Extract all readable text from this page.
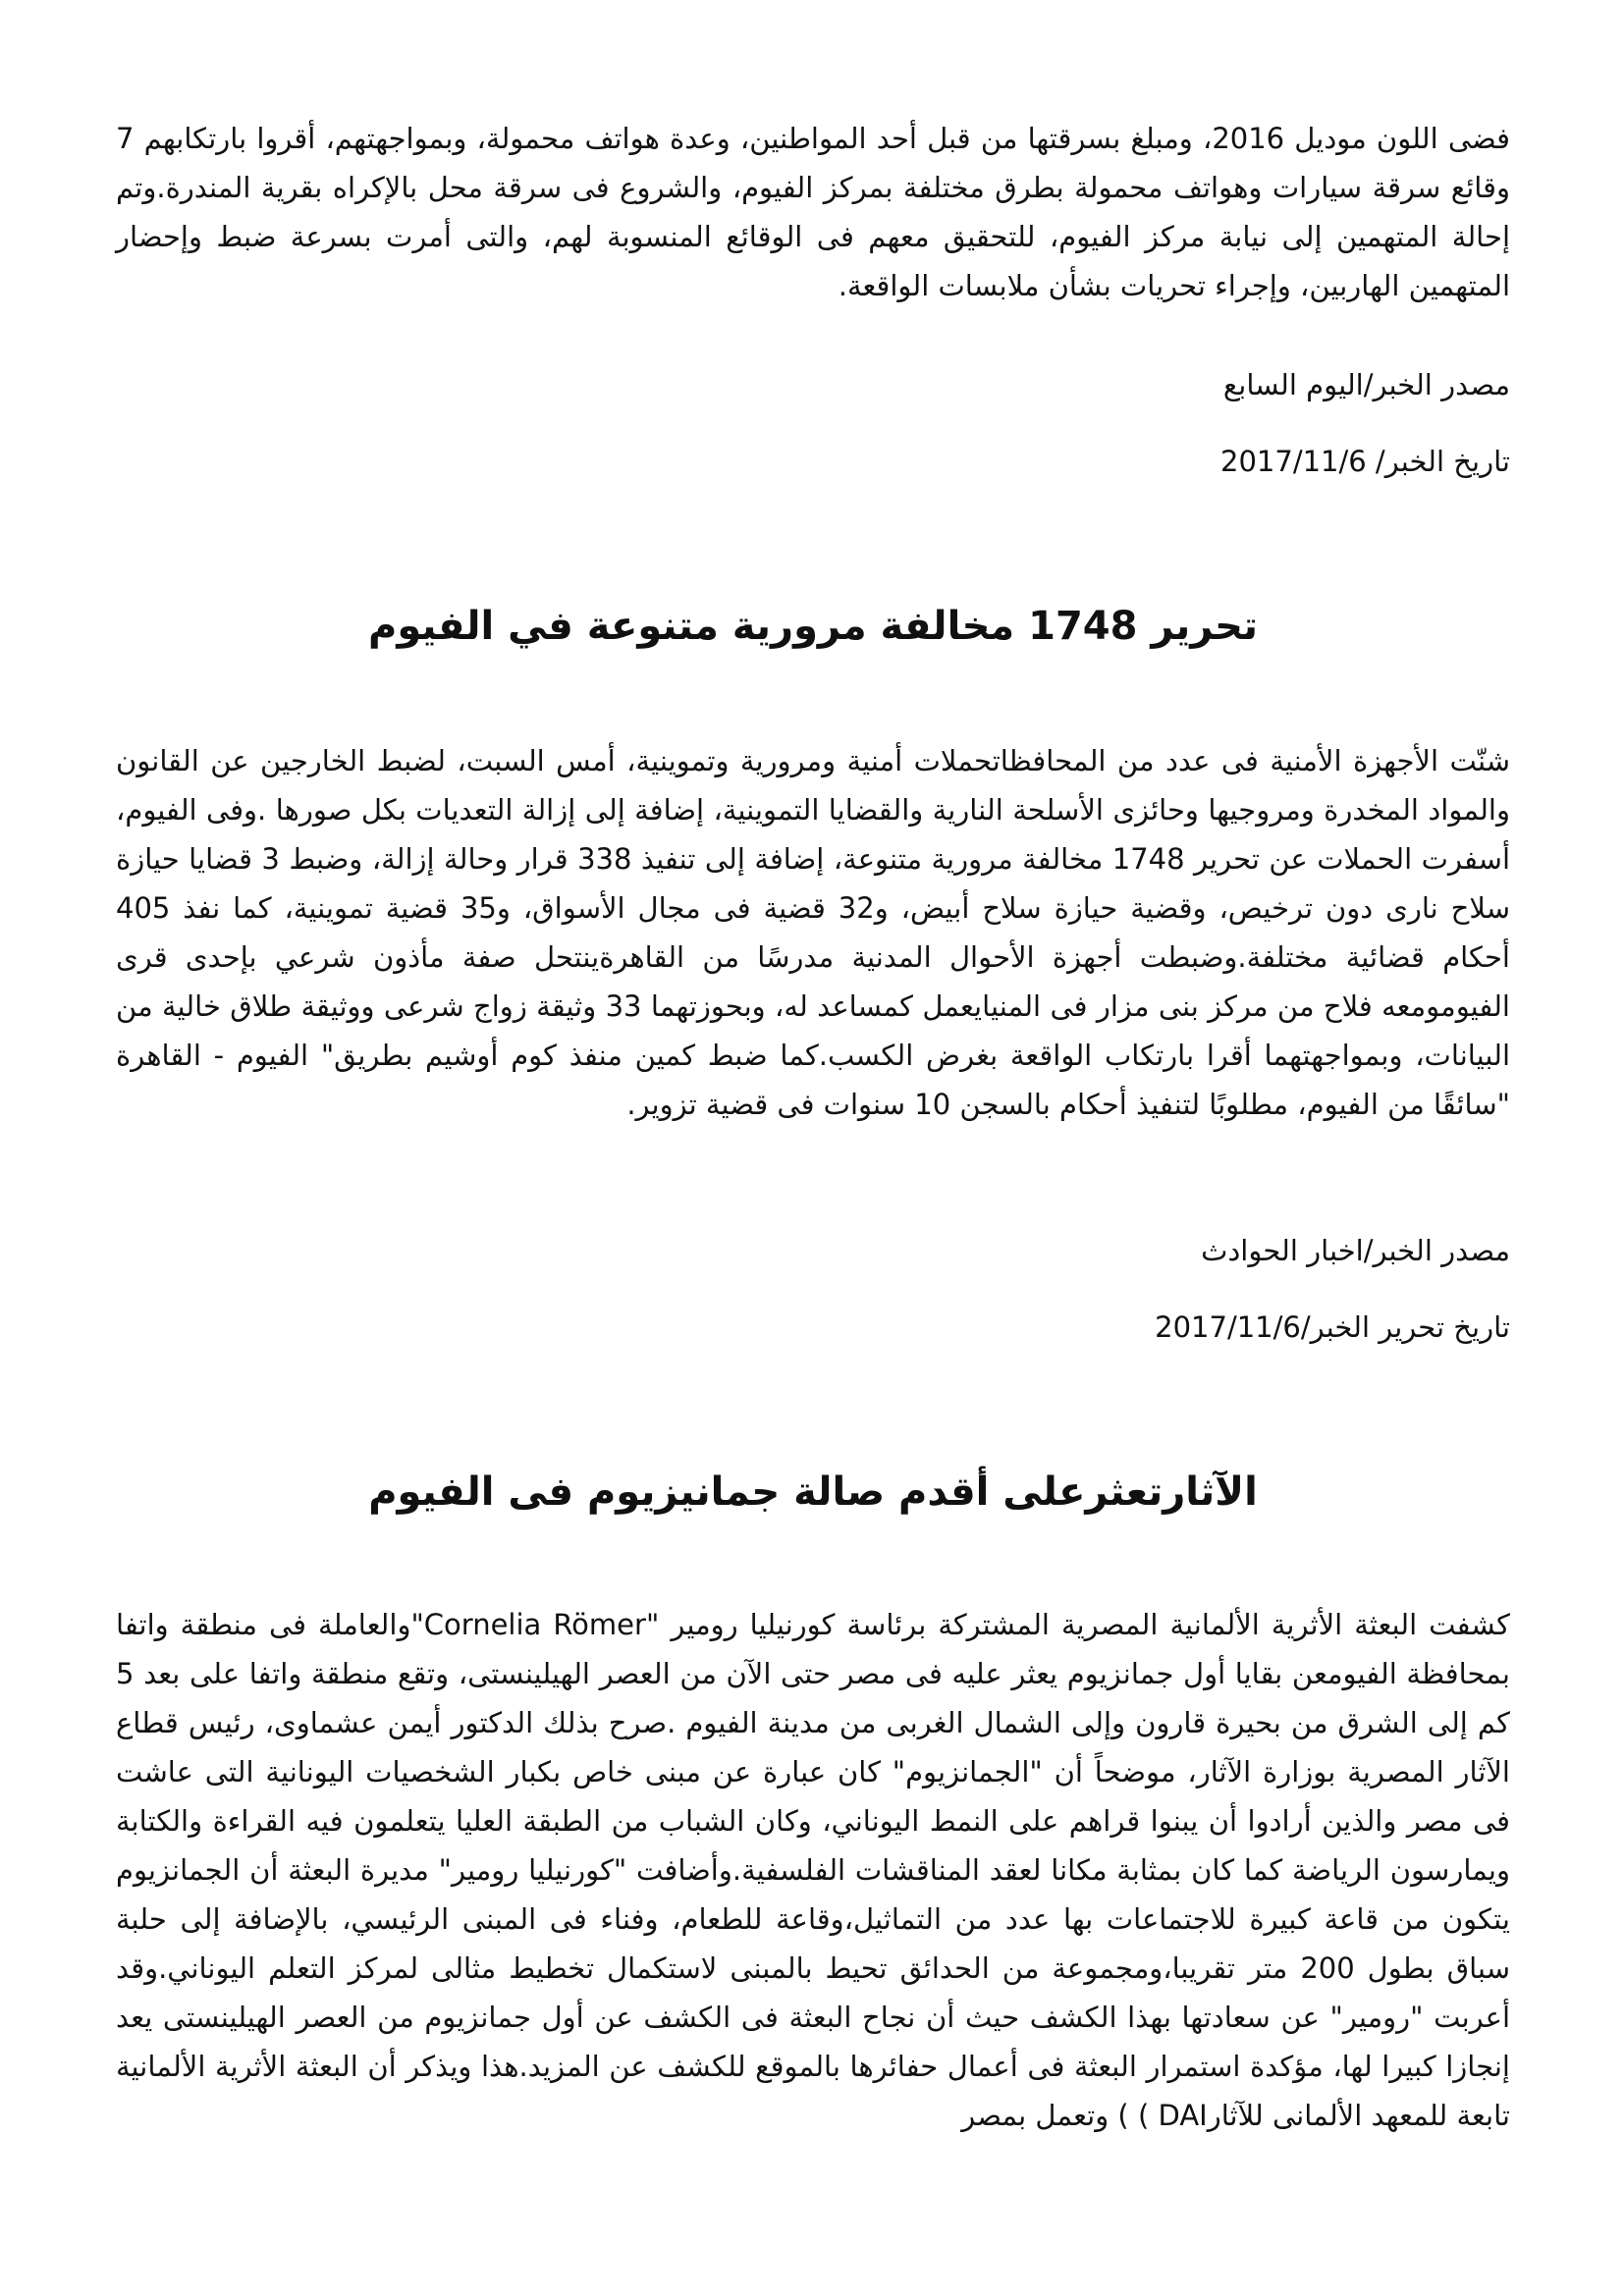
فضى اللون موديل 2016، ومبلغ بسرقتها من قبل أحد المواطنين، وعدة هواتف محمولة، وبمواجهتهم، أقروا بارتكابهم 7 وقائع سرقة سيارات وهواتف محمولة بطرق مختلفة بمركز الفيوم، والشروع فى سرقة محل بالإكراه بقرية المندرة.وتم إحالة المتهمين إلى نيابة مركز الفيوم، للتحقيق معهم فى الوقائع المنسوبة لهم، والتى أمرت بسرعة ضبط وإحضار المتهمين الهاربين، وإجراء تحريات بشأن ملابسات الواقعة.

مصدر الخبر/اليوم السابع

تاريخ الخبر/ 2017/11/6

تحرير 1748 مخالفة مرورية متنوعة في الفيوم

شنّت الأجهزة الأمنية فى عدد من المحافظاتحملات أمنية ومرورية وتموينية، أمس السبت، لضبط الخارجين عن القانون والمواد المخدرة ومروجيها وحائزى الأسلحة النارية والقضايا التموينية، إضافة إلى إزالة التعديات بكل صورها .وفى الفيوم، أسفرت الحملات عن تحرير 1748 مخالفة مرورية متنوعة، إضافة إلى تنفيذ 338 قرار وحالة إزالة، وضبط 3 قضايا حيازة سلاح نارى دون ترخيص، وقضية حيازة سلاح أبيض، و32 قضية فى مجال الأسواق، و35 قضية تموينية، كما نفذ 405 أحكام قضائية مختلفة.وضبطت أجهزة الأحوال المدنية مدرسًا من القاهرةينتحل صفة مأذون شرعي بإحدى قرى الفيومومعه فلاح من مركز بنى مزار فى المنيايعمل كمساعد له، وبحوزتهما 33 وثيقة زواج شرعى ووثيقة طلاق خالية من البيانات، وبمواجهتهما أقرا بارتكاب الواقعة بغرض الكسب.كما ضبط كمين منفذ كوم أوشيم بطريق" الفيوم - القاهرة "سائقًا من الفيوم، مطلوبًا لتنفيذ أحكام بالسجن 10 سنوات فى قضية تزوير.

مصدر الخبر/اخبار الحوادث

تاريخ تحرير الخبر/2017/11/6

الآثارتعثرعلى أقدم صالة جمانيزيوم فى الفيوم

كشفت البعثة الأثرية الألمانية المصرية المشتركة برئاسة كورنيليا رومير "Cornelia Römer"والعاملة فى منطقة واتفا بمحافظة الفيومعن بقايا أول جمانزيوم يعثر عليه فى مصر حتى الآن من العصر الهيلينستى، وتقع منطقة واتفا على بعد 5 كم إلى الشرق من بحيرة قارون وإلى الشمال الغربى من مدينة الفيوم .صرح بذلك الدكتور أيمن عشماوى، رئيس قطاع الآثار المصرية بوزارة الآثار، موضحاً أن "الجمانزيوم" كان عبارة عن مبنى خاص بكبار الشخصيات اليونانية التى عاشت فى مصر والذين أرادوا أن يبنوا قراهم على النمط اليوناني، وكان الشباب من الطبقة العليا يتعلمون فيه القراءة والكتابة ويمارسون الرياضة كما كان بمثابة مكانا لعقد المناقشات الفلسفية.وأضافت "كورنيليا رومير" مديرة البعثة أن الجمانزيوم يتكون من قاعة كبيرة للاجتماعات بها عدد من التماثيل،وقاعة للطعام، وفناء فى المبنى الرئيسي، بالإضافة إلى حلبة سباق بطول 200 متر تقريبا،ومجموعة من الحدائق تحيط بالمبنى لاستكمال تخطيط مثالى لمركز التعلم اليوناني.وقد أعربت "رومير" عن سعادتها بهذا الكشف حيث أن نجاح البعثة فى الكشف عن أول جمانزيوم من العصر الهيلينستى يعد إنجازا كبيرا لها، مؤكدة استمرار البعثة فى أعمال حفائرها بالموقع للكشف عن المزيد.هذا ويذكر أن البعثة الأثرية الألمانية تابعة للمعهد الألمانى للآثارDAI ) ) وتعمل بمصر
